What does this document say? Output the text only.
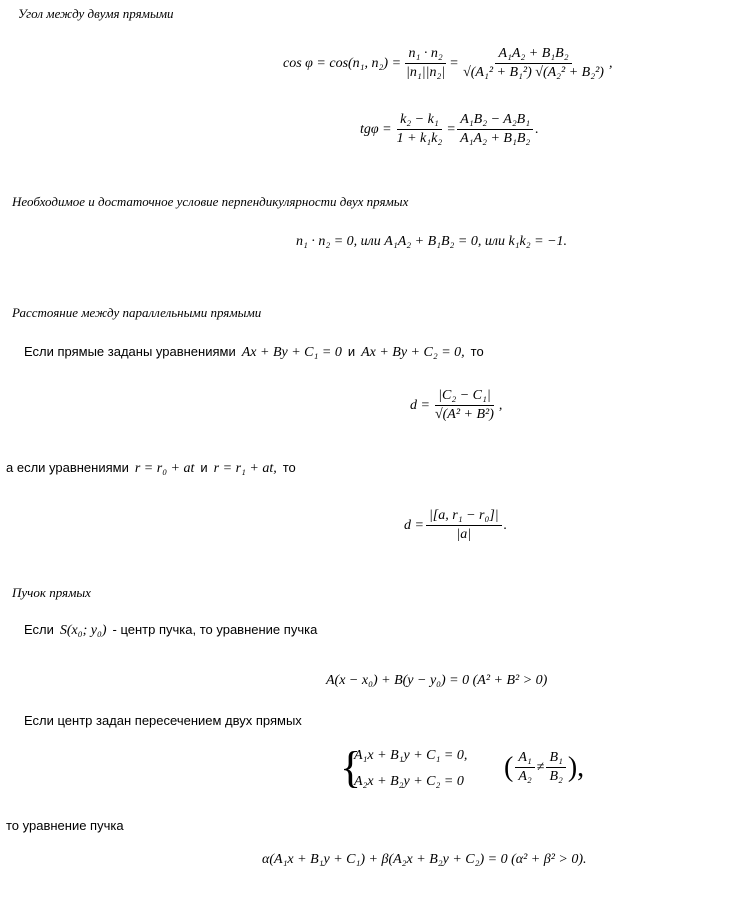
Угол между двумя прямыми
cos φ = cos(n₁, $n_2) = \frac{\text{n₁ · n₂}}{\text{|n₁||n₂|}} = \frac{\text{A₁A₂ + B₁B₂}}{\text{√(A₁² + B₁²) √(A₂² + B₂²)}}$ ,
$tg\varphi = \frac{\text{k₂ − k₁}}{\text{1 + k₁k₂}} = \frac{\text{A₁B₂ − A₂B₁}}{\text{A₁A₂ + B₁B₂}}$ .
Необходимое и достаточное условие перпендикулярности двух прямых
n₁ · n₂ = 0, или A₁A₂ + B₁B₂ = 0, или k₁k₂ = −1.
Расстояние между параллельными прямыми
Если прямые заданы уравнениями Ax + By + C₁ = 0 и Ax + By + C₂ = 0, то
$d = \frac{\text{|C₂ − C₁|}}{\text{√(A² + B²)}}$ ,
а если уравнениями r = r₀ + at и r = r₁ + at, то
$d = \frac{\text{|[a, r₁ − r₀]|}}{|a|}$ .
Пучок прямых
Если S(x₀; y₀) - центр пучка, то уравнение пучка
A(x − x₀) + B(y − y₀) = 0 (A² + B² > 0)
Если центр задан пересечением двух прямых
{
A₁x + B₁y + C₁ = 0,
A₂x + B₂y + C₂ = 0 ( $\frac{\text{A₁}}{\text{A₂}} \ne \frac{\text{B₁}}{\text{B₂}}$ ),
то уравнение пучка
α(A₁x + B₁y + C₁) + β(A₂x + B₂y + C₂) = 0 (α² + β² > 0).
